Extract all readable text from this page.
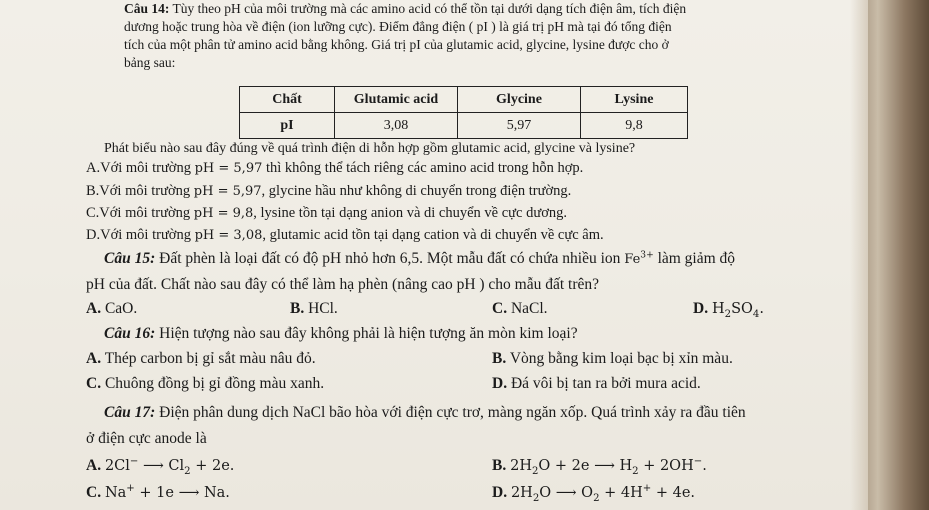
Câu 14: Tùy theo pH của môi trường mà các amino acid có thể tồn tại dưới dạng tích điện âm, tích điện
dương hoặc trung hòa về điện (ion lưỡng cực). Điểm đẳng điện ( pI ) là giá trị pH mà tại đó tổng điện
tích của một phân tử amino acid bằng không. Giá trị pI của glutamic acid, glycine, lysine được cho ở
bảng sau:
Chất	Glutamic acid	Glycine	Lysine
pI	3,08	5,97	9,8
Phát biểu nào sau đây đúng về quá trình điện di hỗn hợp gồm glutamic acid, glycine và lysine?
A.Với môi trường pH = 5,97 thì không thể tách riêng các amino acid trong hỗn hợp.
B.Với môi trường pH = 5,97, glycine hầu như không di chuyển trong điện trường.
C.Với môi trường pH = 9,8, lysine tồn tại dạng anion và di chuyển về cực dương.
D.Với môi trường pH = 3,08, glutamic acid tồn tại dạng cation và di chuyển về cực âm.
Câu 15: Đất phèn là loại đất có độ pH nhỏ hơn 6,5. Một mẫu đất có chứa nhiều ion $Fe^{3+}$ làm giảm độ
pH của đất. Chất nào sau đây có thể làm hạ phèn (nâng cao pH ) cho mẫu đất trên?
A. CaO.	B. HCl.	C. NaCl.	D. $H_2SO_4$.
Câu 16: Hiện tượng nào sau đây không phải là hiện tượng ăn mòn kim loại?
A. Thép carbon bị gỉ sắt màu nâu đỏ.	B. Vòng bằng kim loại bạc bị xỉn màu.
C. Chuông đồng bị gỉ đồng màu xanh.	D. Đá vôi bị tan ra bởi mura acid.
Câu 17: Điện phân dung dịch NaCl bão hòa với điện cực trơ, màng ngăn xốp. Quá trình xảy ra đầu tiên
ở điện cực anode là
A. 2Cl− ⟶ $Cl_2 + 2e$.	B. $2H_2O + 2e$ ⟶ $H_2 + 2OH^-$.
C. Na+ + 1e ⟶ Na.	D. $2H_2O$ ⟶ $O_2 + 4H^+ + 4e$.
